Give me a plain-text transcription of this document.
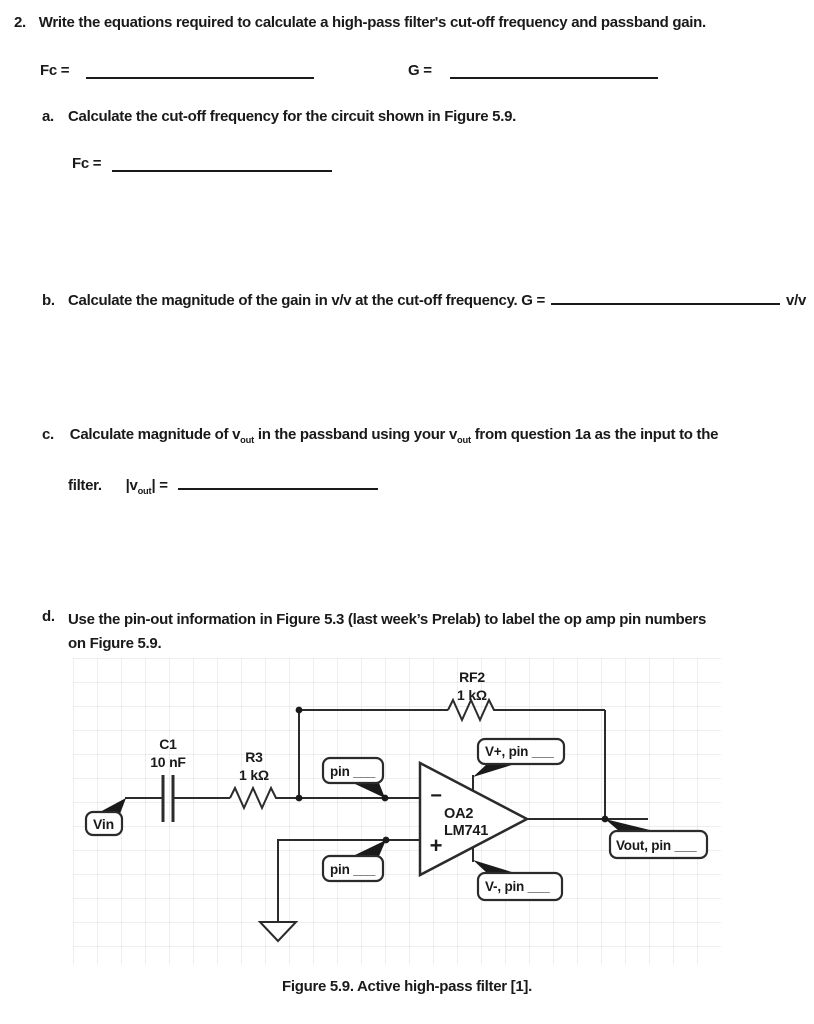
2. Write the equations required to calculate a high-pass filter's cut-off frequency and passband gain.
Fc =	G =
a. Calculate the cut-off frequency for the circuit shown in Figure 5.9.
Fc =
b. Calculate the magnitude of the gain in v/v at the cut-off frequency. G =	v/v
c. Calculate magnitude of $v_{out}$ in the passband using your $v_{out}$ from question 1a as the input to the
filter. $|v_{out}|$ =
d. Use the pin-out information in Figure 5.3 (last week’s Prelab) to label the op amp pin numbers
on Figure 5.9.
−
+
OA2
LM741
RF2
1 kΩ
C1
10 nF	R3
1 kΩ
Vin
pin ___
pin ___
V+, pin ___
V-, pin ___
Vout, pin ___
Figure 5.9. Active high-pass filter [1].
